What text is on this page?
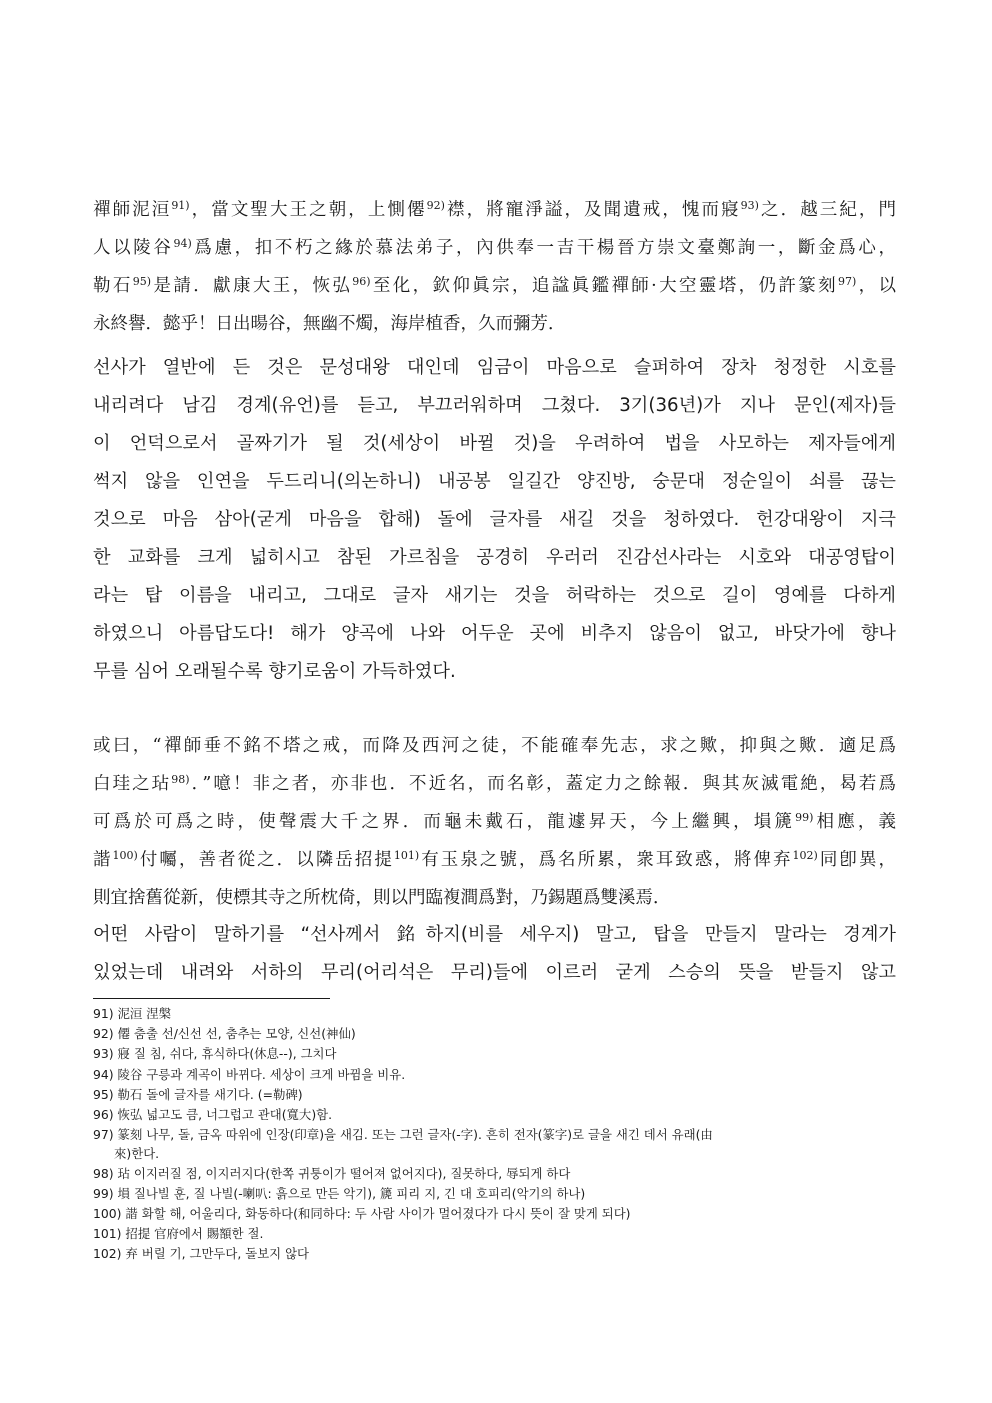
禪師泥洹$^{91)}$，當文聖大王之朝，上惻僊$^{92)}$襟，將寵淨謚，及聞遺戒，愧而寢$^{93)}$之．越三紀，門
人以陵谷$^{94)}$爲慮，扣不朽之緣於慕法弟子，內供奉一吉干楊晉方崇文臺鄭詢一，斷金爲心，
勒石$^{95)}$是請．獻康大王，恢弘$^{96)}$至化，欽仰眞宗，追諡眞鑑禪師·大空靈塔，仍許篆刻$^{97)}$，以
永終譽．懿乎！日出暘谷，無幽不燭，海岸植香，久而彌芳．
선사가 열반에 든 것은 문성대왕 대인데 임금이 마음으로 슬퍼하여 장차 청정한 시호를
내리려다 남김 경계(유언)를 듣고, 부끄러워하며 그쳤다. 3기(36년)가 지나 문인(제자)들
이 언덕으로서 골짜기가 될 것(세상이 바뀔 것)을 우려하여 법을 사모하는 제자들에게
썩지 않을 인연을 두드리니(의논하니) 내공봉 일길간 양진방, 숭문대 정순일이 쇠를 끊는
것으로 마음 삼아(굳게 마음을 합해) 돌에 글자를 새길 것을 청하였다. 헌강대왕이 지극
한 교화를 크게 넓히시고 참된 가르침을 공경히 우러러 진감선사라는 시호와 대공영탑이
라는 탑 이름을 내리고, 그대로 글자 새기는 것을 허락하는 것으로 길이 영예를 다하게
하였으니 아름답도다! 해가 양곡에 나와 어두운 곳에 비추지 않음이 없고, 바닷가에 향나
무를 심어 오래될수록 향기로움이 가득하였다.
或曰，“禪師垂不銘不塔之戒，而降及西河之徒，不能確奉先志，求之歟，抑與之歟．適足爲
白珪之玷$^{98)}$．”噫！非之者，亦非也．不近名，而名彰，蓋定力之餘報．與其灰滅電絶，曷若爲
可爲於可爲之時，使聲震大千之界．而龜未戴石，龍遽昇天，今上繼興，塤篪$^{99)}$相應，義
諧$^{100)}$付囑，善者從之．以隣岳招提$^{101)}$有玉泉之號，爲名所累，衆耳致惑，將俾弃$^{102)}$同卽異，
則宜捨舊從新，使標其寺之所枕倚，則以門臨複澗爲對，乃錫題爲雙溪焉．
어떤 사람이 말하기를 “선사께서 銘하지(비를 세우지) 말고, 탑을 만들지 말라는 경계가
있었는데 내려와 서하의 무리(어리석은 무리)들에 이르러 굳게 스승의 뜻을 받들지 않고
91) 泥洹 涅槃
92) 僊 춤출 선/신선 선, 춤추는 모양, 신선(神仙)
93) 寢 질 침, 쉬다, 휴식하다(休息--), 그치다
94) 陵谷 구릉과 계곡이 바뀌다. 세상이 크게 바뀜을 비유.
95) 勒石 돌에 글자를 새기다. (=勒碑)
96) 恢弘 넓고도 큼, 너그럽고 관대(寬大)함.
97) 篆刻 나무, 돌, 금옥 따위에 인장(印章)을 새김. 또는 그런 글자(-字). 흔히 전자(篆字)로 글을 새긴 데서 유래(由
來)한다.
98) 玷 이지러질 점, 이지러지다(한쪽 귀퉁이가 떨어져 없어지다), 질못하다, 辱되게 하다
99) 塤 질나빌 훈, 질 나빌(-喇叭: 흙으로 만든 악기), 篪 피리 지, 긴 대 호피리(악기의 하나)
100) 諧 화할 해, 어울리다, 화동하다(和同하다: 두 사람 사이가 멀어졌다가 다시 뜻이 잘 맞게 되다)
101) 招提 官府에서 賜額한 절.
102) 弃 버릴 기, 그만두다, 돌보지 않다
